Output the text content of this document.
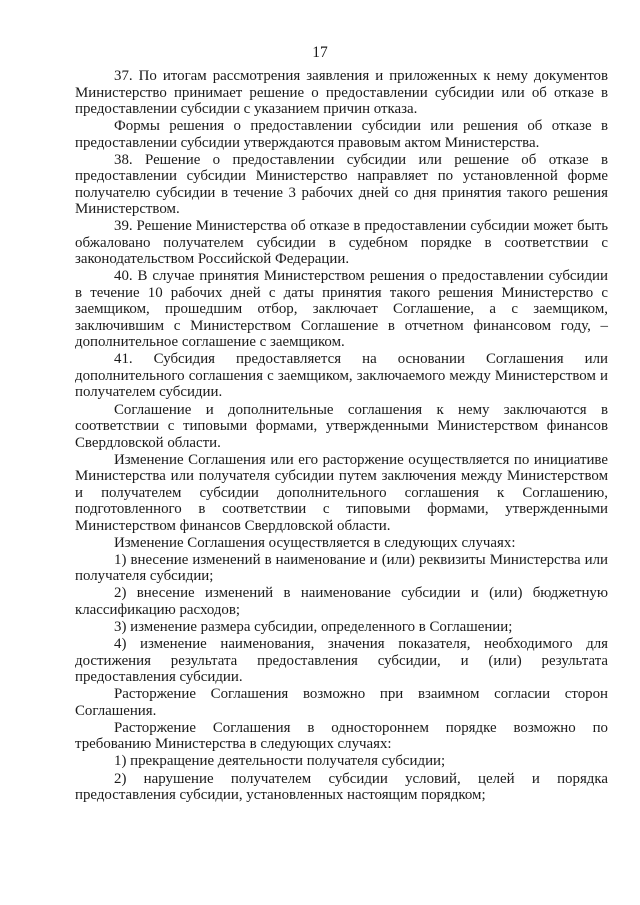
17

37. По итогам рассмотрения заявления и приложенных к нему документов Министерство принимает решение о предоставлении субсидии или об отказе в предоставлении субсидии с указанием причин отказа.

Формы решения о предоставлении субсидии или решения об отказе в предоставлении субсидии утверждаются правовым актом Министерства.

38. Решение о предоставлении субсидии или решение об отказе в предоставлении субсидии Министерство направляет по установленной форме получателю субсидии в течение 3 рабочих дней со дня принятия такого решения Министерством.

39. Решение Министерства об отказе в предоставлении субсидии может быть обжаловано получателем субсидии в судебном порядке в соответствии с законодательством Российской Федерации.

40. В случае принятия Министерством решения о предоставлении субсидии в течение 10 рабочих дней с даты принятия такого решения Министерство с заемщиком, прошедшим отбор, заключает Соглашение, а с заемщиком, заключившим с Министерством Соглашение в отчетном финансовом году, – дополнительное соглашение с заемщиком.

41. Субсидия предоставляется на основании Соглашения или дополнительного соглашения с заемщиком, заключаемого между Министерством и получателем субсидии.

Соглашение и дополнительные соглашения к нему заключаются в соответствии с типовыми формами, утвержденными Министерством финансов Свердловской области.

Изменение Соглашения или его расторжение осуществляется по инициативе Министерства или получателя субсидии путем заключения между Министерством и получателем субсидии дополнительного соглашения к Соглашению, подготовленного в соответствии с типовыми формами, утвержденными Министерством финансов Свердловской области.

Изменение Соглашения осуществляется в следующих случаях:

1) внесение изменений в наименование и (или) реквизиты Министерства или получателя субсидии;

2) внесение изменений в наименование субсидии и (или) бюджетную классификацию расходов;

3) изменение размера субсидии, определенного в Соглашении;

4) изменение наименования, значения показателя, необходимого для достижения результата предоставления субсидии, и (или) результата предоставления субсидии.

Расторжение Соглашения возможно при взаимном согласии сторон Соглашения.

Расторжение Соглашения в одностороннем порядке возможно по требованию Министерства в следующих случаях:

1) прекращение деятельности получателя субсидии;

2) нарушение получателем субсидии условий, целей и порядка предоставления субсидии, установленных настоящим порядком;
